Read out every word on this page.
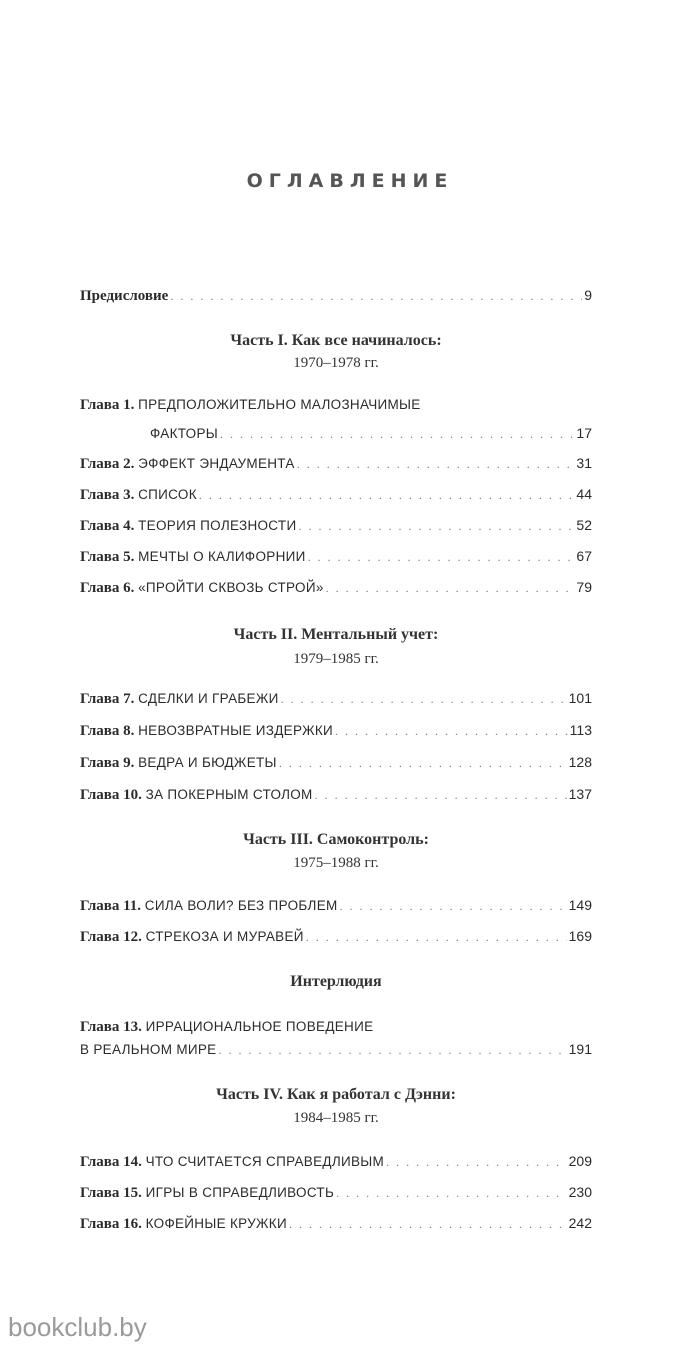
ОГЛАВЛЕНИЕ
Предисловие . . .	9
Часть I. Как все начиналось:
1970–1978 гг.
Глава 1. ПРЕДПОЛОЖИТЕЛЬНО МАЛОЗНАЧИМЫЕ
ФАКТОРЫ . . .	17
Глава 2. ЭФФЕКТ ЭНДАУМЕНТА . . .	31
Глава 3. СПИСОК . . .	44
Глава 4. ТЕОРИЯ ПОЛЕЗНОСТИ . . .	52
Глава 5. МЕЧТЫ О КАЛИФОРНИИ . . .	67
Глава 6. «ПРОЙТИ СКВОЗЬ СТРОЙ» . . .	79
Часть II. Ментальный учет:
1979–1985 гг.
Глава 7. СДЕЛКИ И ГРАБЕЖИ . . .	101
Глава 8. НЕВОЗВРАТНЫЕ ИЗДЕРЖКИ . . .	113
Глава 9. ВЕДРА И БЮДЖЕТЫ . . .	128
Глава 10. ЗА ПОКЕРНЫМ СТОЛОМ . . .	137
Часть III. Самоконтроль:
1975–1988 гг.
Глава 11. СИЛА ВОЛИ? БЕЗ ПРОБЛЕМ . . .	149
Глава 12. СТРЕКОЗА И МУРАВЕЙ . . .	169
Интерлюдия
Глава 13. ИРРАЦИОНАЛЬНОЕ ПОВЕДЕНИЕ
В РЕАЛЬНОМ МИРЕ . . .	191
Часть IV. Как я работал с Дэнни:
1984–1985 гг.
Глава 14. ЧТО СЧИТАЕТСЯ СПРАВЕДЛИВЫМ . . .	209
Глава 15. ИГРЫ В СПРАВЕДЛИВОСТЬ . . .	230
Глава 16. КОФЕЙНЫЕ КРУЖКИ . . .	242
bookclub.by
